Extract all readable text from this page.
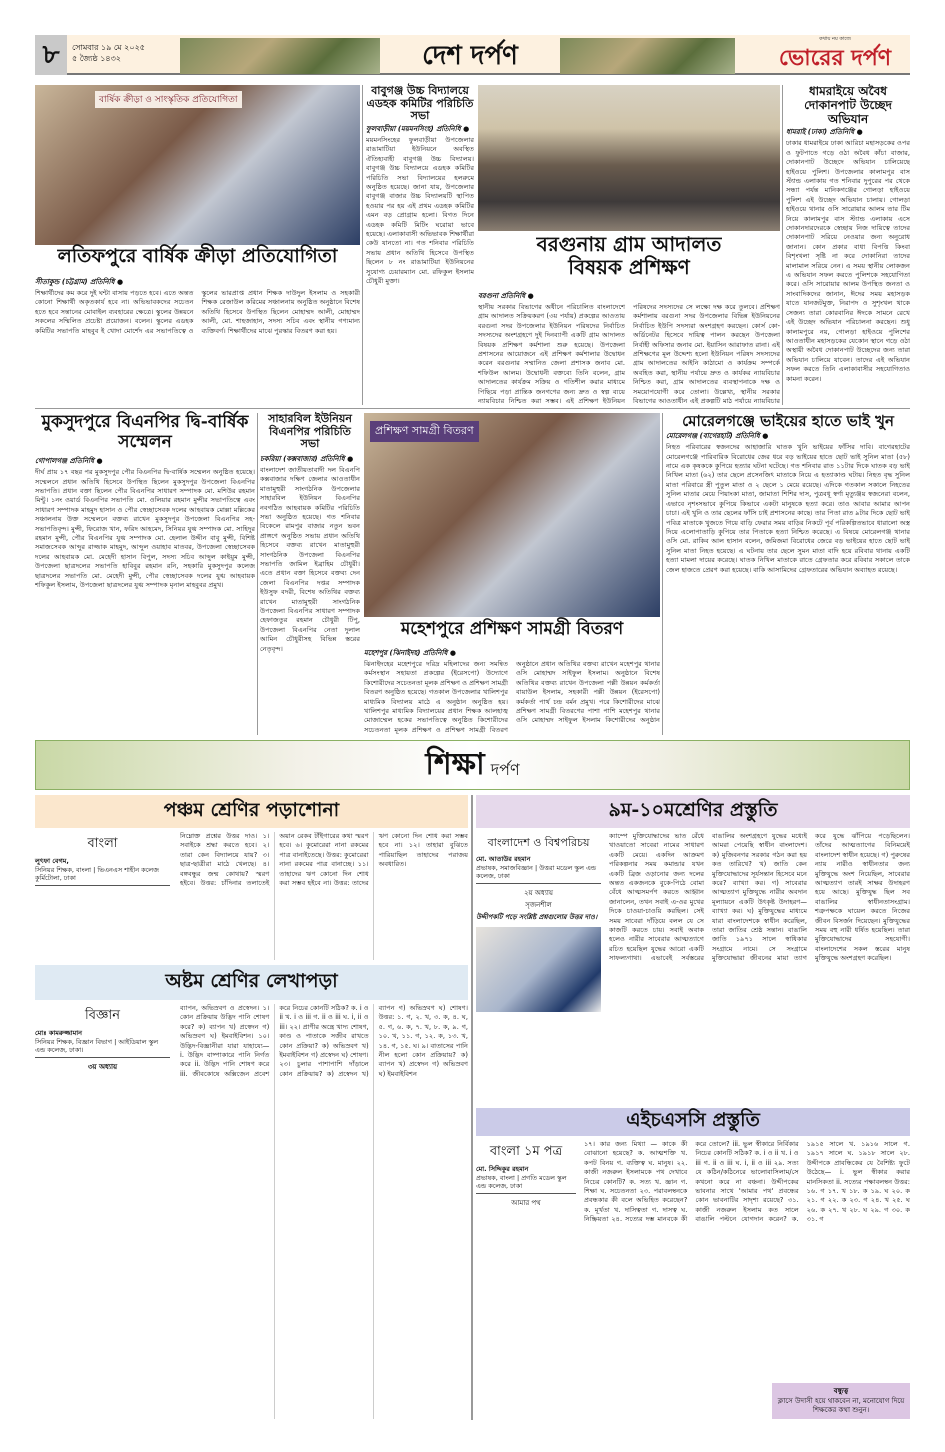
৮	সোমবার ১৯ মে ২০২৫
৫ জ্যৈষ্ঠ ১৪৩২	দেশ দর্পণ
কথায় নয় কাজে
ভোরের দর্পণ
বার্ষিক ক্রীড়া ও সাংস্কৃতিক প্রতিযোগিতা
লতিফপুরে বার্ষিক ক্রীড়া প্রতিযোগিতা
সীতাকুন্ড (চট্টগ্রাম) প্রতিনিধি ●
শিক্ষার্থীদের কম করে দুই ঘন্টা বাসায় পড়তে হবে। এতে অন্তত কোনো শিক্ষার্থী অকৃতকার্য হবে না। অভিভাবকদের সচেতন হতে হবে সন্তানের মোবাইল ব্যবহারের ক্ষেত্রে। স্কুলের উন্নয়নে সকলের সম্মিলিত প্রচেষ্টা প্রয়োজন। বলেন। স্কুলের এডহক কমিটির সভাপতি মাহবুব ই খোদা মোর্শেদ এর সভাপতিত্বে ও স্কুলের ভারপ্রাপ্ত প্রধান শিক্ষক দাউদুল ইসলাম ও সহকারী শিক্ষক রেজাউল করিমের সঞ্চালনায় অনুষ্ঠিত অনুষ্ঠানে বিশেষ অতিথি হিসেবে উপস্থিত ছিলেন মোহাম্মদ আলী, মোহাম্মদ আলী, মো. শাহজাহান, সদস্য সচিব এবং স্থানীয় গণ্যমান্য ব্যক্তিবর্গ। শিক্ষার্থীদের মাঝে পুরস্কার বিতরণ করা হয়।
বাবুগঞ্জ উচ্চ বিদ্যালয়ে এডহক কমিটির পরিচিতি সভা
ফুলবাড়ীয়া (ময়মনসিংহ) প্রতিনিধি ●
ময়মনসিংহের ফুলবাড়ীয়া উপজেলার রাঙামাটিয়া ইউনিয়নে অবস্থিত ঐতিহ্যবাহী বাবুগঞ্জ উচ্চ বিদ্যালয়। বাবুগঞ্জ উচ্চ বিদ্যালয়ে এডহক কমিটির পরিচিতি সভা বিদ্যালয়ের হলরুমে অনুষ্ঠিত হয়েছে। জানা যায়, উপজেলার বাবুগঞ্জ বাজার উচ্চ বিদ্যালয়টি স্থাপিত হওয়ার পর হয় এই প্রথম এডহক কমিটির এমন বড় প্রোগ্রাম হলো। বিগত দিনে এডহক কমিটি মিটিং ঘরোয়া ভাবে হয়েছে। এলাকাবাসী অভিভাবক শিক্ষার্থীরা কেউ যানতো না। গত শনিবার পরিচিতি সভায় প্রধান অতিথি হিসেবে উপস্থিত ছিলেন ৮ নং রাঙামাটিয়া ইউনিয়নের সুযোগ্য চেয়ারম্যান মো. রফিকুল ইসলাম চৌধুরী মুক্তা।
বরগুনায় গ্রাম আদালত
বিষয়ক প্রশিক্ষণ
বরগুনা প্রতিনিধি ●
স্থানীয় সরকার বিভাগের অধীনে পরিচালিত বাংলাদেশে গ্রাম আদালত সক্রিয়করণ (৩য় পর্যায়) প্রকল্পের আওতায় বরগুনা সদর উপজেলার ইউনিয়ন পরিষদের নির্বাচিত সদস্যদের অংশগ্রহণে দুই দিনব্যাপী একটি গ্রাম আদালত বিষয়ক প্রশিক্ষণ কর্মশালা শুরু হয়েছে। উপজেলা প্রশাসনের আয়োজনে এই প্রশিক্ষণ কর্মশালার উদ্বোধন করেন বরগুনার সম্মানিত জেলা প্রশাসক জনাব মো. শফিউল আলম। উদ্বোধনী বক্তব্যে তিনি বলেন, গ্রাম আদালতের কার্যক্রম সক্রিয় ও গতিশীল করার মাধ্যমে পিছিয়ে পড়া প্রান্তিক জনগণের জন্য দ্রুত ও স্বল্প ব্যয়ে ন্যায়বিচার নিশ্চিত করা সম্ভব। এই প্রশিক্ষণ ইউনিয়ন পরিষদের সদস্যদের সে লক্ষ্যে দক্ষ করে তুলবে। প্রশিক্ষণ কর্মশালায় বরগুনা সদর উপজেলার বিভিন্ন ইউনিয়নের নির্বাচিত ইউপি সদস্যরা অংশগ্রহণ করছেন। কোর্স কো-অর্ডিনেটর হিসেবে দায়িত্ব পালন করছেন উপজেলা নির্বাহী অফিসার জনাব মো. ইয়াসিন আরাফাত রানা। এই প্রশিক্ষণের মূল উদ্দেশ্য হলো ইউনিয়ন পরিষদ সদস্যদের গ্রাম আদালতের আইনি কাঠামো ও কার্যক্রম সম্পর্কে অবহিত করা, স্থানীয় পর্যায়ে দ্রুত ও কার্যকর ন্যায়বিচার নিশ্চিত করা, গ্রাম আদালতের ব্যবস্থাপনাকে দক্ষ ও সময়োপযোগী করে তোলা। উল্লেখ্য, স্থানীয় সরকার বিভাগের আওতাধীন এই প্রকল্পটি মাঠ পর্যায়ে ন্যায়বিচার
ধামরাইয়ে অবৈধ দোকানপাট উচ্ছেদ অভিযান
ধামরাই (ঢাকা) প্রতিনিধি ●
ঢাকার ধামরাইয়ে ঢাকা আরিচা মহাসড়কের ওপর ও ফুটপাতে গড়ে ওঠা অবৈধ কাঁচা বাজার, দোকানপাট উচ্ছেদে অভিযান চালিয়েছে হাইওয়ে পুলিশ। উপজেলার কালামপুর বাস স্ট্যান্ড এলাকায় গত শনিবার দুপুরের পর থেকে সন্ধ্যা পর্যন্ত মানিকগঞ্জের গোলড়া হাইওয়ে পুলিশ এই উচ্ছেদ অভিযান চালায়। গোলড়া হাইওয়ে থানার ওসি সারোয়ার আলম তার টিম নিয়ে কালামপুর বাস স্ট্যান্ড এলাকায় এসে দোকানদারদেরকে স্বেচ্ছায় নিজ দায়িত্বে তাদের দোকানপাট সরিয়ে নেওয়ার জন্য অনুরোধ জানান। কোন প্রকার বাধা বিপত্তি কিংবা বিশৃংখলা সৃষ্টি না করে দোকানিরা তাদের মালামাল সরিয়ে নেন। এ সময় স্থানীয় লোকজন এ অভিযান সফল করতে পুলিশকে সহযোগিতা করে। ওসি সারোয়ার আলম উপস্থিত জনতা ও সাংবাদিকদের জানান, ঈদের সময় মহাসড়ক যাতে যানজটমুক্ত, নিরাপদ ও সুশৃংখল থাকে সেজন্য তারা কোরবানির ঈদকে সামনে রেখে এই উচ্ছেদ অভিযান পরিচালনা করছেন। শুধু কালামপুরে নয়, গোলড়া হাইওয়ে পুলিশের আওতাধীন মহাসড়কের যেকোন স্থানে গড়ে ওঠা অস্থায়ী অবৈধ দোকানপাট উচ্ছেদের জন্য তারা অভিযান চালিয়ে যাবেন। তাদের এই অভিযান সফল করতে তিনি এলাকাবাসীর সহযোগিতাও কামনা করেন।
মুকসুদপুরে বিএনপির দ্বি-বার্ষিক সম্মেলন
গোপালগঞ্জ প্রতিনিধি ●
দীর্ঘ প্রায় ১৭ বছর পর মুকসুদপুর পৌর বিএনপির দ্বি-বার্ষিক সম্মেলন অনুষ্ঠিত হয়েছে। সম্মেলনে প্রধান অতিথি হিসেবে উপস্থিত ছিলেন মুকসুদপুর উপজেলা বিএনপির সভাপতি। প্রধান বক্তা ছিলেন পৌর বিএনপির সাধারণ সম্পাদক মো. মশিউর রহমান মিন্টু। ১নং ওয়ার্ড বিএনপির সভাপতি মো. ওলিয়ার রহমান মুন্সীর সভাপতিত্বে এবং সাধারণ সম্পাদক মাহমুদ হাসান ও পৌর স্বেচ্ছাসেবক দলের আহবায়ক মোল্লা মল্লিকের সঞ্চালনায় উক্ত সম্মেলনে বক্তব্য রাখেন মুকসুদপুর উপজেলা বিএনপির সহ-সভাপতিবৃন্দ। মুন্সী, ফিরোজ খান, ফরিদ আহমেদ, সিনিয়র যুগ্ম সম্পাদক মো. সাহিদুর রহমান মুন্সী, পৌর বিএনপির যুগ্ম সম্পাদক মো. হেলাল উদ্দীন বাবু মুন্সী, বিশিষ্ট সমাজসেবক আব্দুর রাজ্জাক মাহমুদ, আব্দুল ওয়াহাব মাতবর, উপজেলা স্বেচ্ছাসেবক দলের আহবায়ক মো. মেহেদী হাসান বিপুল, সদস্য সচিব আব্দুল কাইয়ুম মুন্সী, উপজেলা ছাত্রদলের সভাপতি হাবিবুর রহমান রনি, সহকারি মুকসুদপুর কলেজ ছাত্রদলের সভাপতি মো. মেহেদী মুন্সী, পৌর স্বেচ্ছাসেবক দলের যুগ্ম আহবায়ক শফিকুল ইসলাম, উপজেলা ছাত্রদলের যুগ্ম সম্পাদক মৃনাল মাহবুবর প্রমুখ।
সাহারবিল ইউনিয়ন বিএনপির পরিচিতি সভা
চকরিয়া (কক্সবাজার) প্রতিনিধি ●
বাংলাদেশ জাতীয়তাবাদী দল বিএনপি কক্সবাজার দক্ষিণ জেলার আওতাধীন মাতামুহুরী সাংগঠনিক উপজেলার সাহারবিল ইউনিয়ন বিএনপির নবগঠিত আহবায়ক কমিটির পরিচিতি সভা অনুষ্ঠিত হয়েছে। গত শনিবার বিকেলে রামপুর বাজার নতুন ভবন প্রাঙ্গণে অনুষ্ঠিত সভায় প্রধান অতিথি হিসেবে বক্তব্য রাখেন মাতামুহুরী সাংগঠনিক উপজেলা বিএনপির সভাপতি জামিল ইব্রাহিম চৌধুরী। এতে প্রধান বক্তা হিসেবে বক্তব্য দেন জেলা বিএনপির দপ্তর সম্পাদক ইউসুফ বদরী, বিশেষ অতিথির বক্তব্য রাখেন মাতামুহুরী সাংগঠনিক উপজেলা বিএনপির সাধারণ সম্পাদক হেফাজতুর রহমান চৌধুরী টিপু, উপজেলা বিএনপির নেতা দুলাল আমিন চৌধুরীসহ বিভিন্ন স্তরের নেতৃবৃন্দ।
প্রশিক্ষণ সামগ্রী বিতরণ
মহেশপুরে প্রশিক্ষণ সামগ্রী বিতরণ
মহেশপুর (ঝিনাইদহ) প্রতিনিধি ●
ঝিনাইদহের মহেশপুরে দরিদ্র মহিলাদের জন্য সমন্বিত কর্মসংস্থান সহায়তা প্রকল্পের (ইরেসপো) উদ্যোগে কিশোরীদের সচেতনতা মূলক প্রশিক্ষণ ও প্রশিক্ষণ সামগ্রী বিতরণ অনুষ্ঠিত হয়েছে। গতকাল উপজেলার খালিশপুর মাধ্যমিক বিদ্যালয় মাঠে এ অনুষ্ঠান অনুষ্ঠিত হয়। খালিশপুর মাধ্যমিক বিদ্যালয়ের প্রধান শিক্ষক আলহাজ্ব মোজাম্মেল হকের সভাপতিত্বে অনুষ্ঠিত কিশোরীদের সচেতনতা মূলক প্রশিক্ষণ ও প্রশিক্ষণ সামগ্রী বিতরণ অনুষ্ঠানে প্রধান অতিথির বক্তব্য রাখেন মহেশপুর থানার ওসি মোহাম্মদ সাইফুল ইসলাম। অনুষ্ঠানে বিশেষ অতিথির বক্তব্য রাখেন উপজেলা পল্লী উন্নয়ন কর্মকর্তা বায়াউল ইসলাম, সহকারী পল্লী উন্নয়ন (ইরেসপো) কর্মকর্তা পার্থ চন্দ্র বর্মন প্রমুখ। পরে কিশোরীদের মাঝে প্রশিক্ষণ সামগ্রী বিতরণের পাশা পাশি মহেশপুর থানার ওসি মোহাম্মদ সাইফুল ইসলাম কিশোরীদের অনুষ্ঠান
মোরেলগঞ্জে ভাইয়ের হাতে ভাই খুন
মোরেলগঞ্জ (বাগেরহাট) প্রতিনিধি ●
নিহত পরিবারের স্বজনদের আহাজারি ঘাতক খুনি ভাইয়ের ফাঁসির দাবি। বাগেরহাটের মোরেলগঞ্জে পারিবারিক বিরোধের জের ধরে বড় ভাইয়ের হাতে ছোট ভাই সুনিল মাতা (৫৮) নামে এক কৃষককে কুপিয়ে হত্যার ঘটনা ঘটেছে। গত শনিবার রাত ১১টার দিকে ঘাতক বড় ভাই নিখিল মাতা (৬২) তার ছেলে প্রসেনজিৎ মাতাকে নিয়ে এ হত্যাকাণ্ড ঘটায়। নিহত বৃদ্ধ সুনিল মাতা পরিবারে স্ত্রী পুতুল মাতা ও ২ ছেলে ১ মেয়ে রয়েছে। এদিকে গতকাল সকালে নিহতের সুনিল মাতার মেয়ে পিয়াংকা মাতা, জামাতা শিশির দাস, পুত্রবধূ স্বর্ণা মৃত্যুঞ্জয় স্বজনেরা বলেন, এভাবে নৃশংসভাবে কুপিয়ে কিভাবে একটা মানুষকে হত্যা করে। তাও আবার আমার আপন চাচা। এই খুনি ও তার ছেলের ফাঁসি চাই প্রশাসনের কাছে। তার পিতা রাত ৯টার দিকে ছোট ভাই পবিত্র মাতাকে খুজতে গিয়ে বাড়ি ফেরার সময় বাড়ির নিকটে পূর্ব পরিকল্পিতভাবে ধারালো অস্ত্র দিয়ে এলোপাতাড়ি কুপিয়ে তার পিতাকে হত্যা নিশ্চিত করেছে। এ বিষয়ে মোরেলগঞ্জ থানার ওসি মো. রাকিব আল হাসান বলেন, জমিজমা বিরোধের জেরে বড় ভাইয়ের হাতে ছোট ভাই সুনিল মাতা নিহত হয়েছে। এ ঘটনায় তার ছেলে সুমন মাতা বাদি হয়ে রবিবার থানায় একটি হত্যা মামলা দায়ের করেছে। ঘাতক নিখিল মাতাকে রাতে গ্রেফতার করে রবিবার সকালে তাকে জেল হাজতে প্রেরণ করা হয়েছে। বাকি আসামিদের গ্রেফতারের অভিযান অব্যাহত রয়েছে।
শিক্ষা দর্পণ
পঞ্চম শ্রেণির পড়াশোনা
বাংলা
লুৎফা বেগম,
সিনিয়র শিক্ষক, বাংলা | ভিএনএস শাহীন কলেজ কুর্মিটোলা, ঢাকা
নিম্নোক্ত প্রশ্নের উত্তর দাও। ১। সবাইকে শ্রদ্ধা করতে হবে। ২। তারা কেন বিদ্যালয়ে যায়? ৩। ছাত্র-ছাত্রীরা মাঠে খেলছে। ৪। বঙ্গবন্ধুর জন্ম কোথায়? স্মরণ হইবে। উত্তর: চাঁদিনার তলাতেই অয়ান রেকব টাঁইগারের কথা স্মরণ হবে। ৬। কুমোরেরা নানা রকমের পাত্র বানাইতেছে। উত্তর: কুমোরেরা নানা রকমের পাত্র বানাচ্ছে। ১১। তাহাদের ঋণ কোনো দিন শোধ করা সম্ভব হইবে না। উত্তর: তাদের ঋণ কোনো দিন শোধ করা সম্ভব হবে না। ১২। তাহারা বুঝিতে পারিয়াছিল তাহাদের পরাজয় অবধারিত।
অষ্টম শ্রেণির লেখাপড়া
বিজ্ঞান
মোঃ কামরুজ্জামান
সিনিয়র শিক্ষক, বিজ্ঞান বিভাগ | আইডিয়াল স্কুল এন্ড কলেজ, ঢাকা।
৩য় অধ্যায়
ব্যাপন, অভিস্রবণ ও প্রস্বেদন। ১। কোন প্রক্রিয়ায় উদ্ভিদ পানি শোষণ করে? ক) ব্যাপন খ) প্রস্বেদন গ) অভিস্রবণ ঘ) ইমবাইবিশন। ১০। উদ্ভিদ-বিজ্ঞানীরা যারা যাহায্যে— i. উদ্ভিদ বাষ্পাকারে পানি নির্গত করে ii. উদ্ভিদ পানি শোষণ করে iii. জীবকোষে অক্সিজেন প্রবেশ করে নিচের কোনটি সঠিক? ক. i ও ii খ. i ও iii গ. ii ও iii ঘ. i, ii ও iii। ২২। প্রাণীর অন্ত্রে খাদ্য শোষণ, কাণ্ড ও পাতাকে সজীব রাখতে কোন প্রক্রিয়া? ক) অভিস্রবণ খ) ইমবাইবিশন গ) প্রস্বেদন ঘ) শোষণ। ২৩। চুলার পাশাপাশি দাঁড়ালে কোন প্রক্রিয়ায়? ক) প্রস্বেদন খ) ব্যাপন গ) অভিস্রবণ ঘ) শোষণ। উত্তর: ১. গ, ২. খ, ৩. ক, ৪. ঘ, ৫. গ, ৬. ক, ৭. খ, ৮. ক, ৯. গ, ১০. খ, ১১. গ, ১২. ক, ১৩. খ, ১৪. গ, ১৫. ঘ। ৯। বাতাসের পানি নীল হলো কোন প্রক্রিয়ায়? ক) ব্যাপন খ) প্রস্বেদন গ) অভিস্রবণ ঘ) ইমবাইবিশন
৯ম-১০মশ্রেণির প্রস্তুতি
বাংলাদেশ ও বিশ্বপরিচয়
মো. আতাউর রহমান
প্রভাষক, সমাজবিজ্ঞান | উত্তরা মডেল স্কুল এন্ড কলেজ, ঢাকা
২য় অধ্যায়
সৃজনশীল
উদ্দীপকটি পড়ে সংশ্লিষ্ট প্রশ্নগুলোর উত্তর দাও।
ক্যাম্পে মুক্তিযোদ্ধাদের ভাত রেঁধে খাওয়াতো সাবেরা নামের সাধারণ একটি মেয়ে। একদিন আক্রমণ পরিকল্পনার সময় কমান্ডার যখন একটি ব্রিজ ওড়ানোর জন্য দলের অন্তত একজনকে বুকে-পিঠে বোমা বেঁধে আত্মসমর্পণ করতে আহ্বান জানালেন, তখন সবাই এ-ওর মুখের দিকে চাওয়া-চাওয়ি করছিল। সেই সময় সাবেরা দাঁড়িয়ে বলল যে সে কাজটি করতে চায়। সবাই অবাক হলেও নারীর সাবেরার আত্মত্যাগে রচিত হয়েছিল যুদ্ধের আরো একটি সাফল্যগাথা। এভাবেই সর্বস্তরের বাঙালির অংশগ্রহণে যুদ্ধের মধ্যেই আমরা পেয়েছি স্বাধীন বাংলাদেশ। ক) মুজিবনগর সরকার গঠন করা হয় কত তারিখে? খ) জাতি কেন মুক্তিযোদ্ধাদের সূর্যসন্তান হিসেবে মনে করে? ব্যাখ্যা কর। গ) সাবেরার আত্মত্যাগ মুক্তিযুদ্ধে নারীর অবদান মূল্যায়নে একটি উৎকৃষ্ট উদাহরণ—ব্যাখ্যা কর। ঘ) মুক্তিযুদ্ধের মাধ্যমে যারা বাংলাদেশকে স্বাধীন করেছিল, তারা জাতির শ্রেষ্ঠ সন্তান। বাঙালি জাতি ১৯৭১ সালে স্বাধিকার সংগ্রামে নামে। সে সংগ্রামে মুক্তিযোদ্ধারা জীবনের মায়া ত্যাগ করে যুদ্ধে ঝাঁপিয়ে পড়েছিলেন। তাঁদের আত্মত্যাগের বিনিময়েই বাংলাদেশ স্বাধীন হয়েছে। গ) পুরুষের ন্যায় নারীও স্বাধীনতার জন্য মুক্তিযুদ্ধে অংশ নিয়েছিল, সাবেরার আত্মত্যাগ তারই সাক্ষর উদাহরণ হয়ে আছে। মুক্তিযুদ্ধ ছিল সব বাঙালির স্বাধীনতাসংগ্রাম। শত্রুপক্ষকে ঘায়েল করতে নিজের জীবন বিসর্জন দিয়েছেন। মুক্তিযুদ্ধের সময় বহু নারী ধর্ষিত হয়েছিল। তারা মুক্তিযোদ্ধাদের সহযোগী। বাংলাদেশের সকল স্তরের মানুষ মুক্তিযুদ্ধে অংশগ্রহণ করেছিল।
এইচএসসি প্রস্তুতি
বাংলা ১ম পত্র
মো. সিদ্দিকুর রহমান
প্রভাষক, বাংলা | প্রগতি মডেল স্কুল এন্ড কলেজ, ঢাকা
আমার পথ
১৭। কার জন্য মিথ্যা — কাকে কী বোঝানো হয়েছে? ক. আত্মশক্তি খ. কপট বিনয় গ. ব্যক্তিত্ব ঘ. মানুষ। ২২. কাজী নজরুল ইসলামকে পথ দেখাবে নিচের কোনটি? ক. সত্য খ. জ্ঞান গ. শিক্ষা ঘ. সচেতনতা ২৩. পরাবলম্বনকে প্রবন্ধকার কী বলে অভিহিত করেছেন? ক. মূর্খতা খ. দাসিত্বতা গ. দাসত্ব ঘ. নিষ্ক্রিয়তা ২৪. সত্যের দম্ভ মানবকে কী করে তোলে? iii. ভুল স্বীকারে নির্বিকার নিচের কোনটি সঠিক? ক. i ও ii খ. i ও iii গ. ii ও iii ঘ. i, ii ও iii ২৯. সত্য যে কঠিন/কঠিনেরে ভালোবাসিলাম/সে কখনো করে না বঞ্চনা। উদ্দীপকের ভাবনার সাথে 'আমার পথ' প্রবন্ধের কোন ভাবনাটির সাদৃশ্য রয়েছে? ৩১. কাজী নজরুল ইসলাম কত সালে বাঙালি পল্টনে যোগদান করেন? ক. ১৯১৫ সালে খ. ১৯১৬ সালে গ. ১৯১৭ সালে ঘ. ১৯১৮ সালে ২৮. উদ্দীপকে প্রাবন্ধিকের যে বৈশিষ্ট্য ফুটে উঠেছে— i. ভুল স্বীকার করার মানসিকতা ii. সত্যের পক্ষাবলম্বন উত্তর: ১৬. গ ১৭. খ ১৮. ক ১৯. ঘ ২০. ক ২১. গ ২২. ক ২৩. গ ২৪. খ ২৫. ঘ ২৬. ক ২৭. খ ২৮. ঘ ২৯. গ ৩০. ক ৩১. গ
বন্ধুত্ব
ক্লাসে উদাসী হয়ে থাকবেন না, মনোযোগ দিয়ে শিক্ষকের কথা শুনুন।
